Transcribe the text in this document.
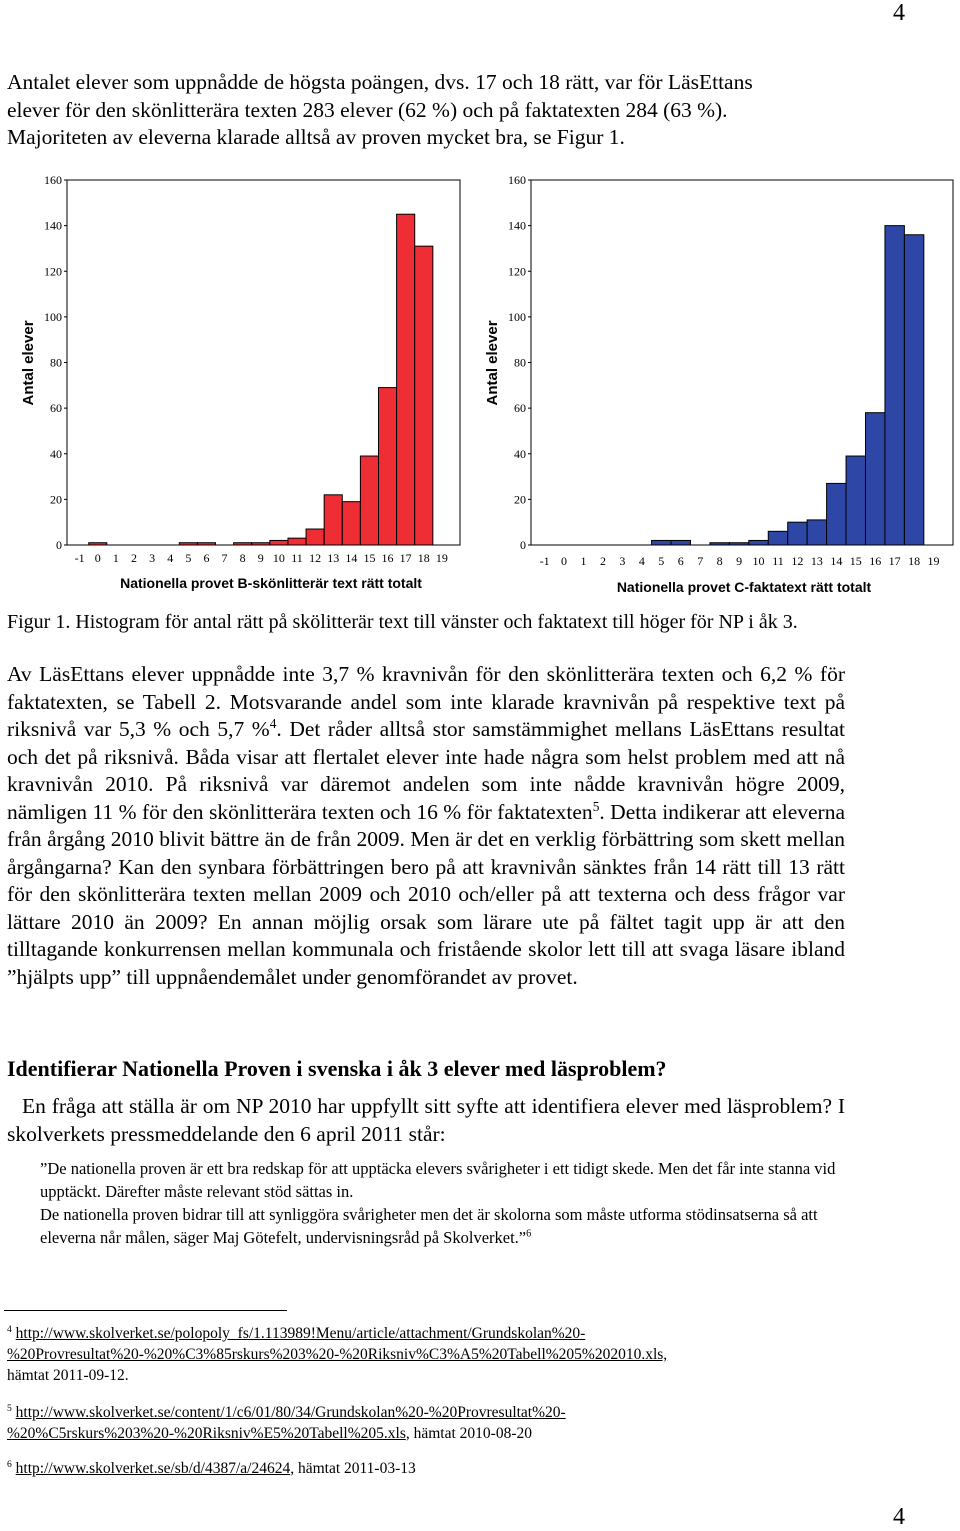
4
4
Antalet elever som uppnådde de högsta poängen, dvs. 17 och 18 rätt, var för LäsEttans
elever för den skönlitterära texten 283 elever (62 %) och på faktatexten 284 (63 %).
Majoriteten av eleverna klarade alltså av proven mycket bra, se Figur 1.
Antal elever
Nationella provet B-skönlitterär text rätt totalt
0
20
40
60
80
100
120
140
160
-1 0 1 2 3 4 5 6 7 8 9 10 11 12 13 14 15 16 17 18 19
Antal elever
Nationella provet C-faktatext rätt totalt
0
20
40
60
80
100
120
140
160
-1 0 1 2 3 4 5 6 7 8 9 10 11 12 13 14 15 16 17 18 19
Figur 1. Histogram för antal rätt på skölitterär text till vänster och faktatext till höger för NP i åk 3.

Av LäsEttans elever uppnådde inte 3,7 % kravnivån för den skönlitterära texten och 6,2 % för faktatexten, se Tabell 2. Motsvarande andel som inte klarade kravnivån på respektive text på riksnivå var 5,3 % och 5,7 %$^4$. Det råder alltså stor samstämmighet mellans LäsEttans resultat och det på riksnivå. Båda visar att flertalet elever inte hade några som helst problem med att nå kravnivån 2010. På riksnivå var däremot andelen som inte nådde kravnivån högre 2009, nämligen 11 % för den skönlitterära texten och 16 % för faktatexten$^5$. Detta indikerar att eleverna från årgång 2010 blivit bättre än de från 2009. Men är det en verklig förbättring som skett mellan årgångarna? Kan den synbara förbättringen bero på att kravnivån sänktes från 14 rätt till 13 rätt för den skönlitterära texten mellan 2009 och 2010 och/eller på att texterna och dess frågor var lättare 2010 än 2009? En annan möjlig orsak som lärare ute på fältet tagit upp är att den tilltagande konkurrensen mellan kommunala och fristående skolor lett till att svaga läsare ibland ”hjälpts upp” till uppnåendemålet under genomförandet av provet.

Identifierar Nationella Proven i svenska i åk 3 elever med läsproblem?

En fråga att ställa är om NP 2010 har uppfyllt sitt syfte att identifiera elever med läsproblem? I skolverkets pressmeddelande den 6 april 2011 står:

”De nationella proven är ett bra redskap för att upptäcka elevers svårigheter i ett tidigt skede. Men det får inte stanna vid upptäckt. Därefter måste relevant stöd sättas in.

De nationella proven bidrar till att synliggöra svårigheter men det är skolorna som måste utforma stödinsatserna så att eleverna når målen, säger Maj Götefelt, undervisningsråd på Skolverket.”$^6$

$^4$ http://www.skolverket.se/polopoly_fs/1.113989!Menu/article/attachment/Grundskolan%20-
%20Provresultat%20-%20%C3%85rskurs%203%20-%20Riksniv%C3%A5%20Tabell%205%202010.xls,
hämtat 2011-09-12.
$^5$ http://www.skolverket.se/content/1/c6/01/80/34/Grundskolan%20-%20Provresultat%20-
%20%C5rskurs%203%20-%20Riksniv%E5%20Tabell%205.xls, hämtat 2010-08-20
$^6$ http://www.skolverket.se/sb/d/4387/a/24624, hämtat 2011-03-13
